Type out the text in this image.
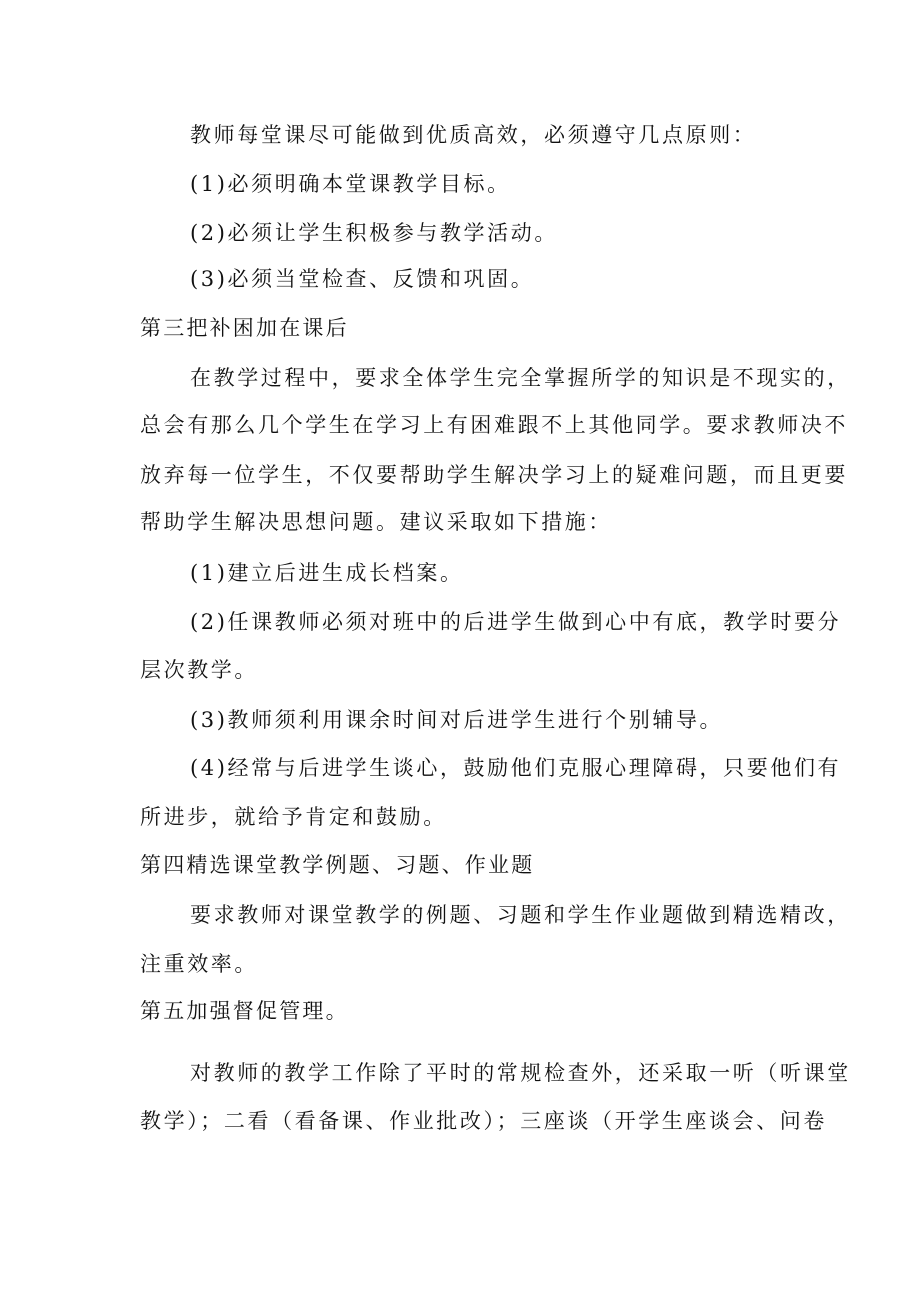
教师每堂课尽可能做到优质高效，必须遵守几点原则：
(1)必须明确本堂课教学目标。
(2)必须让学生积极参与教学活动。
(3)必须当堂检查、反馈和巩固。
第三把补困加在课后
在教学过程中，要求全体学生完全掌握所学的知识是不现实的，
总会有那么几个学生在学习上有困难跟不上其他同学。要求教师决不
放弃每一位学生，不仅要帮助学生解决学习上的疑难问题，而且更要
帮助学生解决思想问题。建议采取如下措施：
(1)建立后进生成长档案。
(2)任课教师必须对班中的后进学生做到心中有底，教学时要分
层次教学。
(3)教师须利用课余时间对后进学生进行个别辅导。
(4)经常与后进学生谈心，鼓励他们克服心理障碍，只要他们有
所进步，就给予肯定和鼓励。
第四精选课堂教学例题、习题、作业题
要求教师对课堂教学的例题、习题和学生作业题做到精选精改，
注重效率。
第五加强督促管理。
对教师的教学工作除了平时的常规检查外，还采取一听（听课堂
教学）；二看（看备课、作业批改）；三座谈（开学生座谈会、问卷
